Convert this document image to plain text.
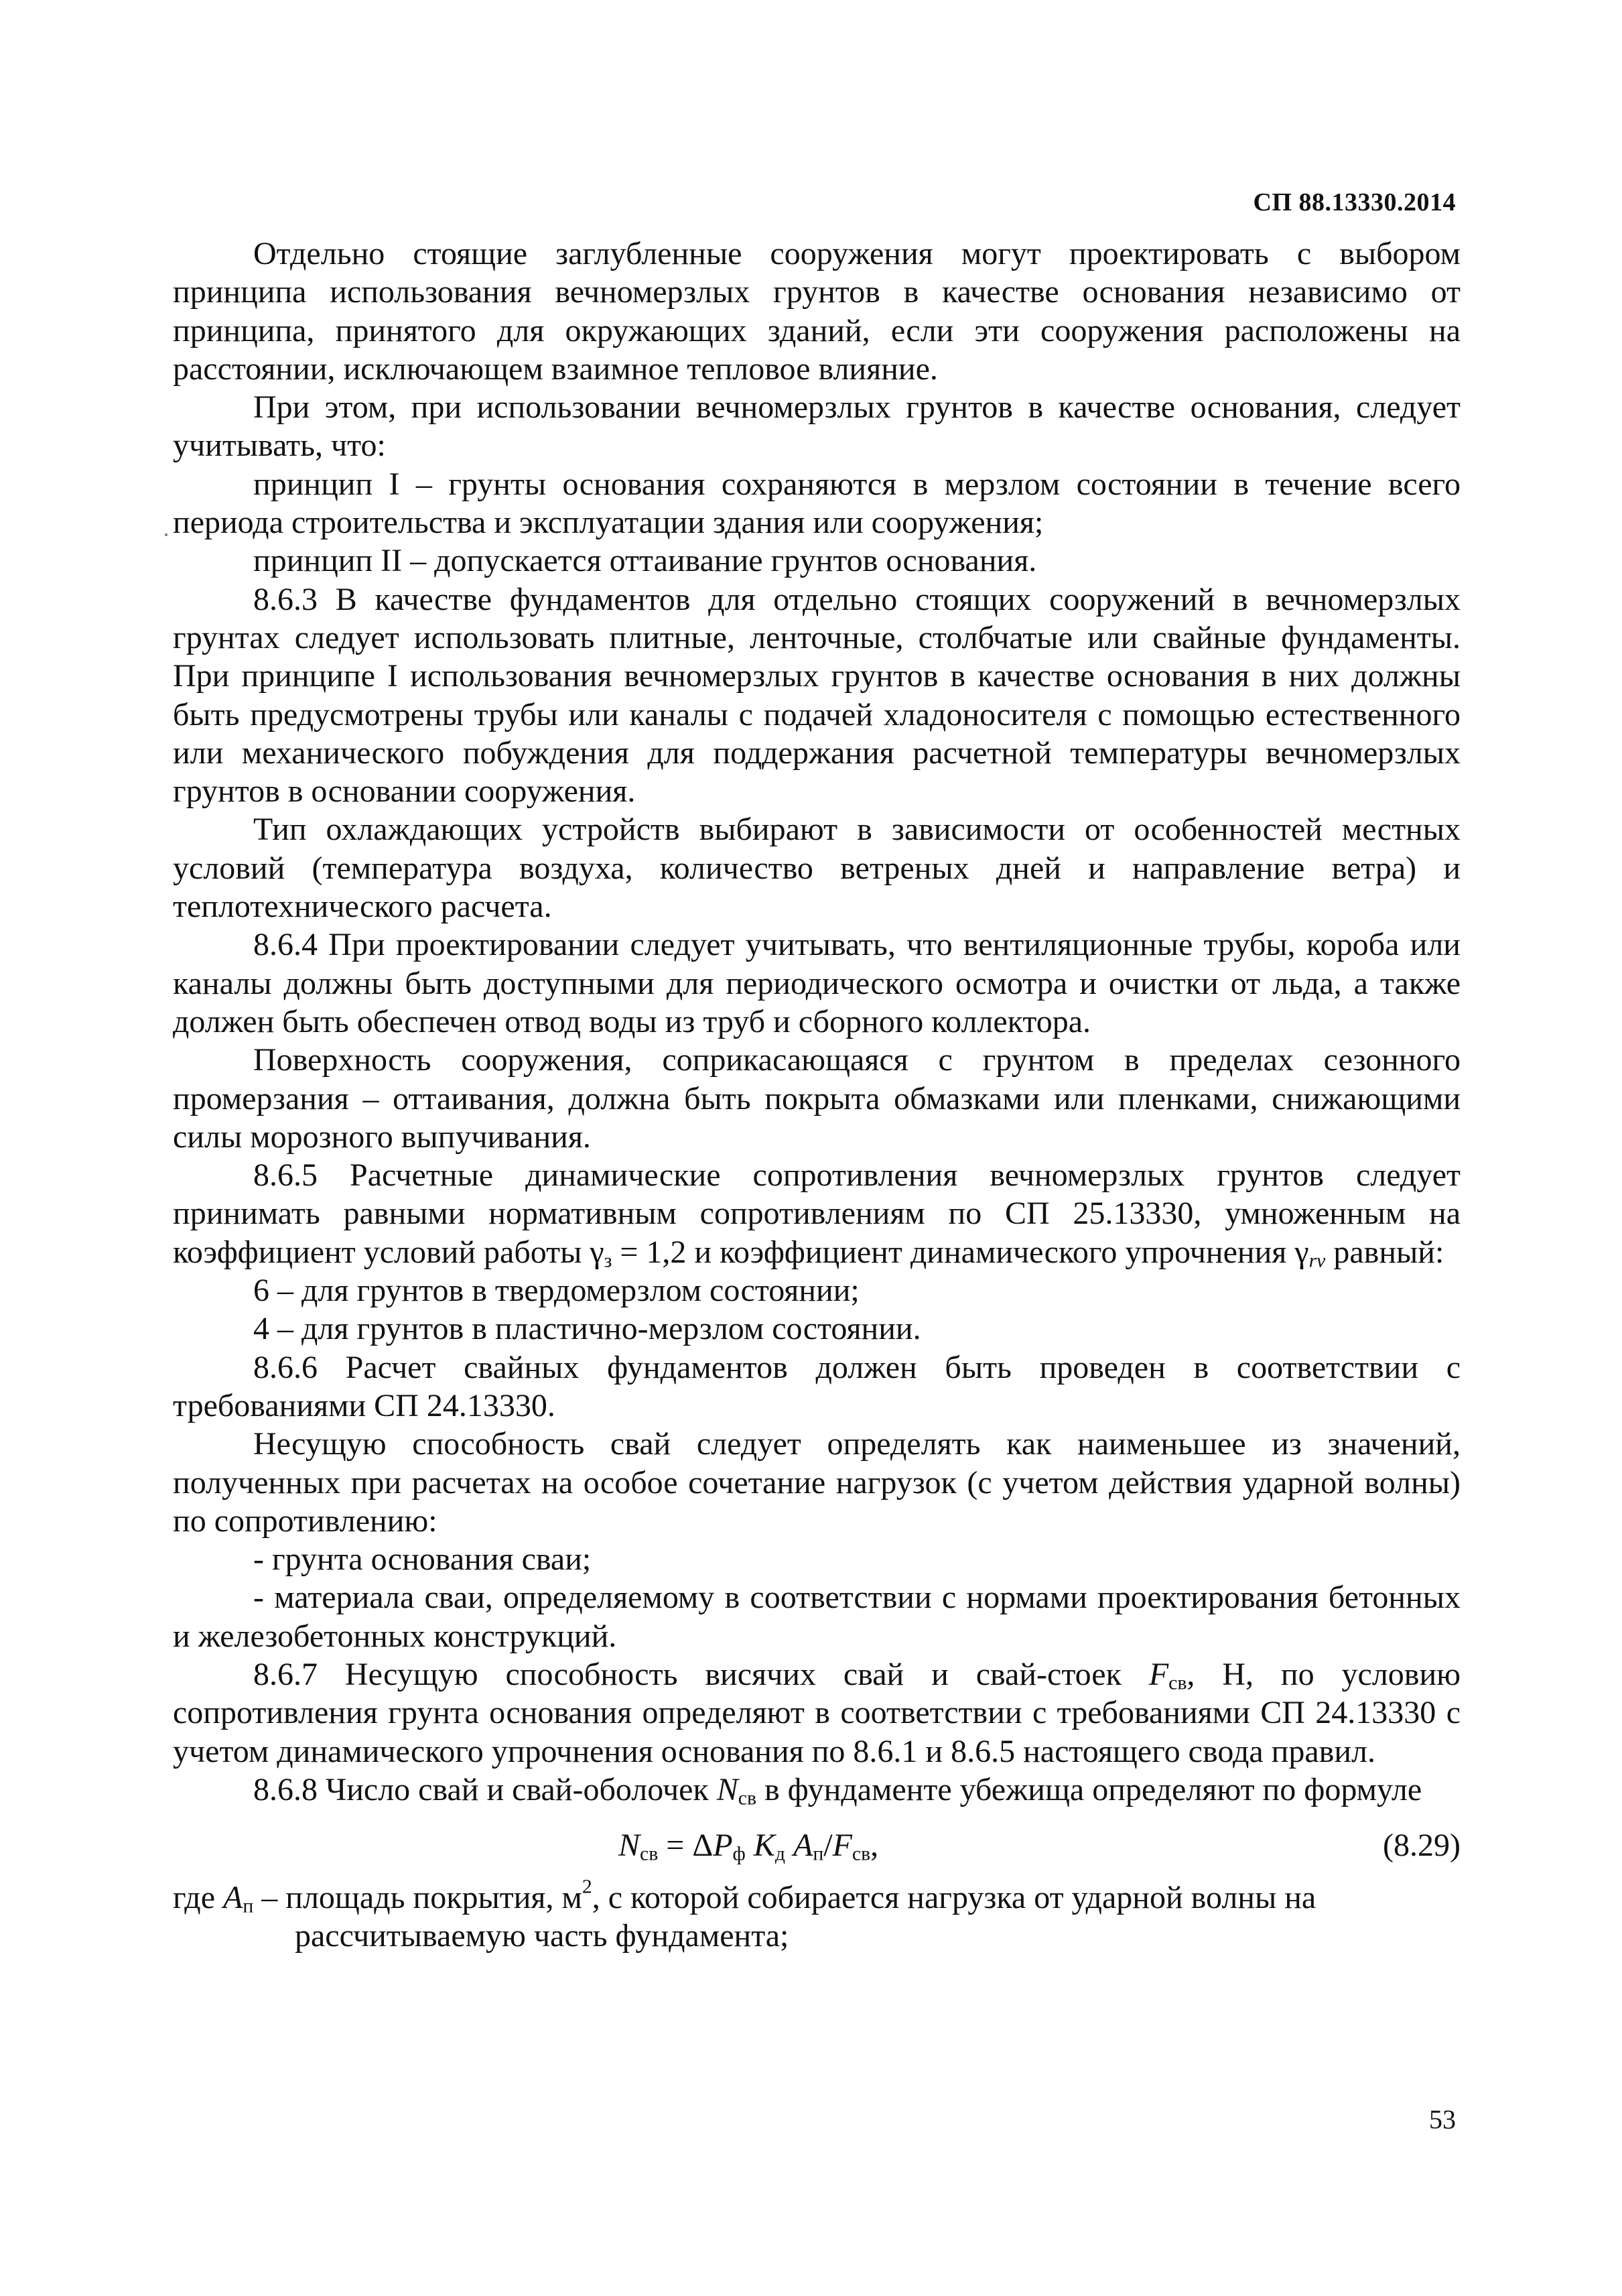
СП 88.13330.2014

Отдельно стоящие заглубленные сооружения могут проектировать с выбором принципа использования вечномерзлых грунтов в качестве основания независимо от принципа, принятого для окружающих зданий, если эти сооружения расположены на расстоянии, исключающем взаимное тепловое влияние.

При этом, при использовании вечномерзлых грунтов в качестве основания, следует учитывать, что:

принцип I – грунты основания сохраняются в мерзлом состоянии в течение всего периода строительства и эксплуатации здания или сооружения;

принцип II – допускается оттаивание грунтов основания.

8.6.3 В качестве фундаментов для отдельно стоящих сооружений в вечномерзлых грунтах следует использовать плитные, ленточные, столбчатые или свайные фундаменты. При принципе I использования вечномерзлых грунтов в качестве основания в них должны быть предусмотрены трубы или каналы с подачей хладоносителя с помощью естественного или механического побуждения для поддержания расчетной температуры вечномерзлых грунтов в основании сооружения.

Тип охлаждающих устройств выбирают в зависимости от особенностей местных условий (температура воздуха, количество ветреных дней и направление ветра) и теплотехнического расчета.

8.6.4 При проектировании следует учитывать, что вентиляционные трубы, короба или каналы должны быть доступными для периодического осмотра и очистки от льда, а также должен быть обеспечен отвод воды из труб и сборного коллектора.

Поверхность сооружения, соприкасающаяся с грунтом в пределах сезонного промерзания – оттаивания, должна быть покрыта обмазками или пленками, снижающими силы морозного выпучивания.

8.6.5 Расчетные динамические сопротивления вечномерзлых грунтов следует принимать равными нормативным сопротивлениям по СП 25.13330, умноженным на коэффициент условий работы $\gamma_з = 1,2$ и коэффициент динамического упрочнения $\gamma_{rv}$ равный:

6 – для грунтов в твердомерзлом состоянии;

4 – для грунтов в пластично-мерзлом состоянии.

8.6.6 Расчет свайных фундаментов должен быть проведен в соответствии с требованиями СП 24.13330.

Несущую способность свай следует определять как наименьшее из значений, полученных при расчетах на особое сочетание нагрузок (с учетом действия ударной волны) по сопротивлению:

- грунта основания сваи;

- материала сваи, определяемому в соответствии с нормами проектирования бетонных и железобетонных конструкций.

8.6.7 Несущую способность висячих свай и свай-стоек $F_{св}$, Н, по условию сопротивления грунта основания определяют в соответствии с требованиями СП 24.13330 с учетом динамического упрочнения основания по 8.6.1 и 8.6.5 настоящего свода правил.

8.6.8 Число свай и свай-оболочек $N_{св}$ в фундаменте убежища определяют по формуле

$N_{св} = \Delta P_ф$ $K_д$ $A_п/F_{св}$,	(8.29)

где $A_п$ – площадь покрытия, $м^2$, с которой собирается нагрузка от ударной волны на
рассчитываемую часть фундамента;

53
